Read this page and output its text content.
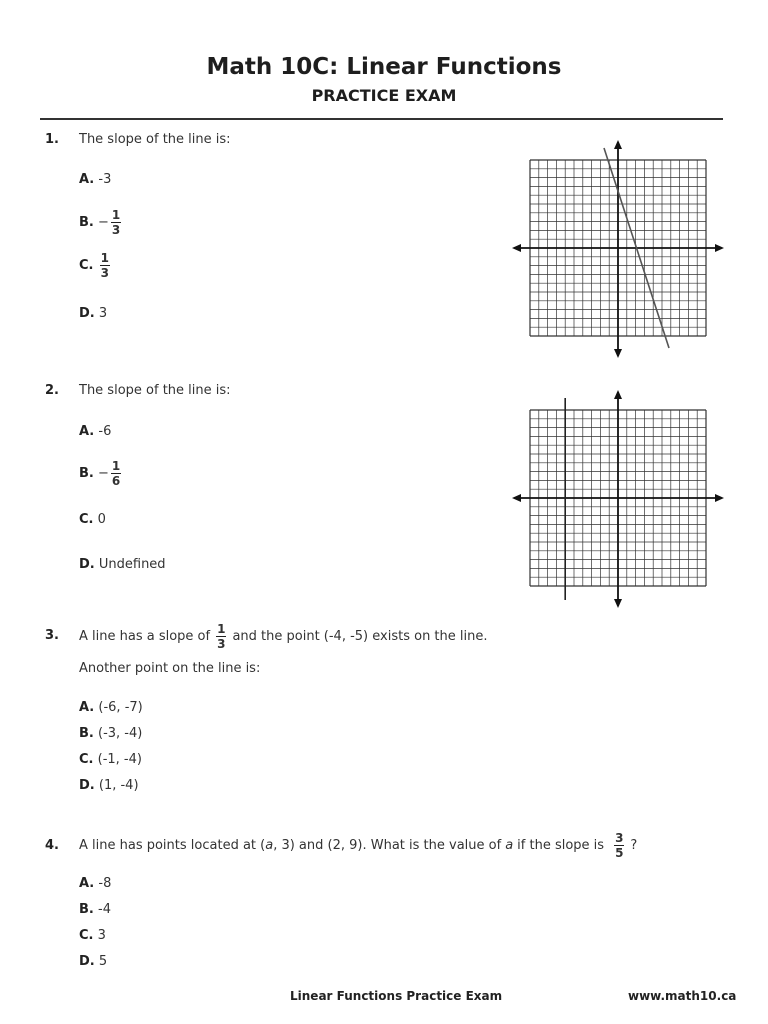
Math 10C: Linear Functions
PRACTICE EXAM
1. The slope of the line is:
A. -3
B. − $\frac{1}{3}$
C. $\frac{1}{3}$
D. 3
2. The slope of the line is:
A. -6
B. − $\frac{1}{6}$
C. 0
D. Undefined
3. A line has a slope of $\frac{1}{3}$ and the point (-4, -5) exists on the line.
Another point on the line is:
A. (-6, -7)
B. (-3, -4)
C. (-1, -4)
D. (1, -4)
4. A line has points located at ( a , 3) and (2, 9). What is the value of a if the slope is $\frac{3}{5}$ ?
A. -8
B. -4
C. 3
D. 5
Linear Functions Practice Exam	www.math10.ca
